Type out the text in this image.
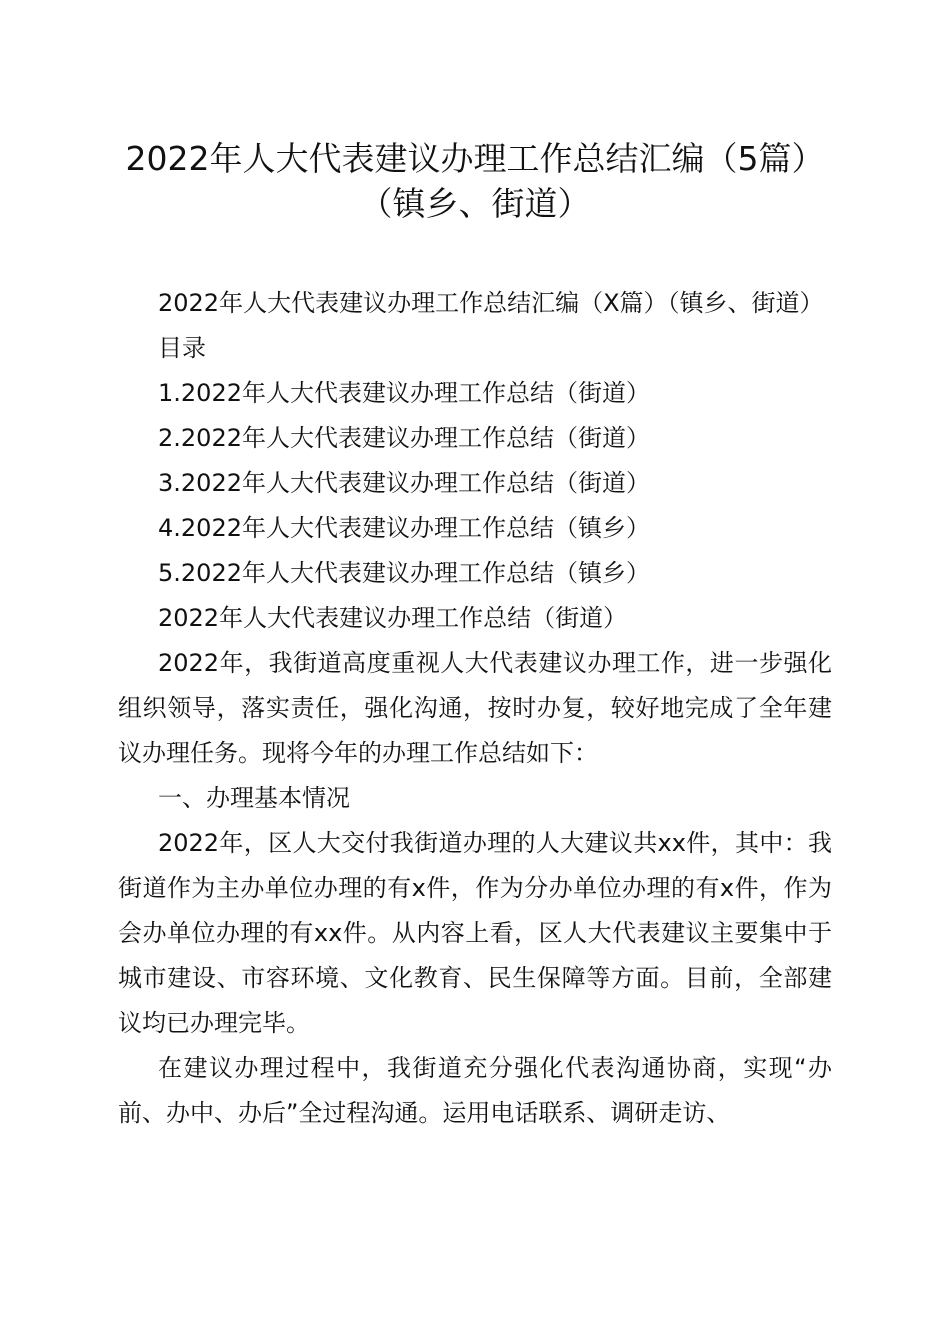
2022年人大代表建议办理工作总结汇编（5篇）（镇乡、街道）

2022年人大代表建议办理工作总结汇编（X篇）（镇乡、街道）

目录

1.2022年人大代表建议办理工作总结（街道）

2.2022年人大代表建议办理工作总结（街道）

3.2022年人大代表建议办理工作总结（街道）

4.2022年人大代表建议办理工作总结（镇乡）

5.2022年人大代表建议办理工作总结（镇乡）

2022年人大代表建议办理工作总结（街道）

2022年，我街道高度重视人大代表建议办理工作，进一步强化组织领导，落实责任，强化沟通，按时办复，较好地完成了全年建议办理任务。现将今年的办理工作总结如下：

一、办理基本情况

2022年，区人大交付我街道办理的人大建议共xx件，其中：我街道作为主办单位办理的有x件，作为分办单位办理的有x件，作为会办单位办理的有xx件。从内容上看，区人大代表建议主要集中于城市建设、市容环境、文化教育、民生保障等方面。目前，全部建议均已办理完毕。

在建议办理过程中，我街道充分强化代表沟通协商，实现“办前、办中、办后”全过程沟通。运用电话联系、调研走访、
